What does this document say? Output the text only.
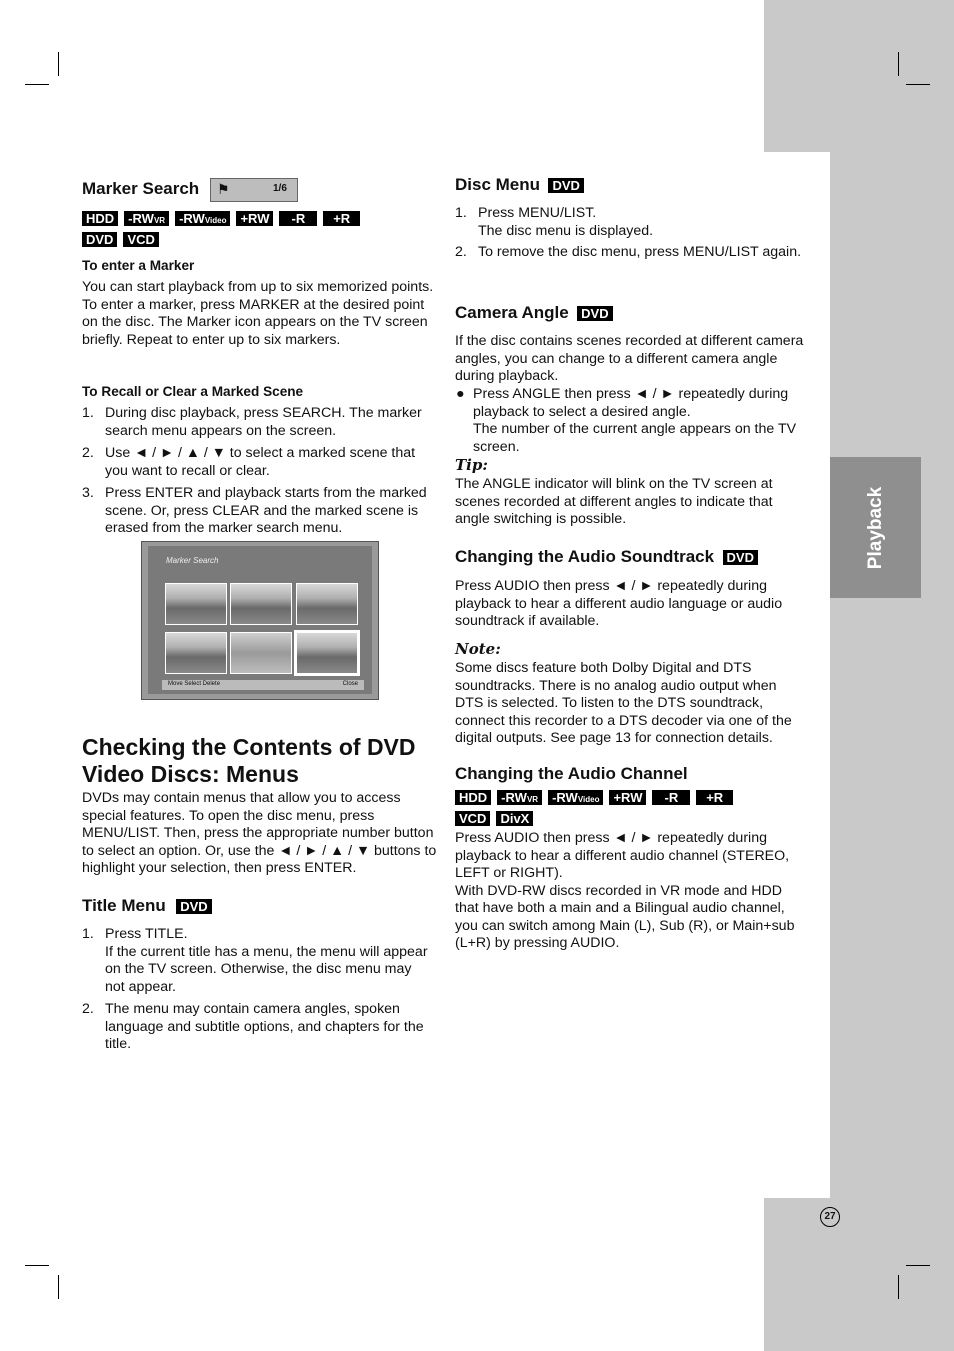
Playback
Marker Search ⚑	1/6
HDD -RWVR -RWVideo +RW -R +R
DVD VCD
To enter a Marker
You can start playback from up to six memorized points. To enter a marker, press MARKER at the desired point on the disc. The Marker icon appears on the TV screen briefly. Repeat to enter up to six markers.
To Recall or Clear a Marked Scene
1. During disc playback, press SEARCH. The marker search menu appears on the screen.
2. Use ◄ / ► / ▲ / ▼ to select a marked scene that you want to recall or clear.
3. Press ENTER and playback starts from the marked scene. Or, press CLEAR and the marked scene is erased from the marker search menu.
Marker Search
Move Select Delete	Close
Checking the Contents of DVD Video Discs: Menus
DVDs may contain menus that allow you to access special features. To open the disc menu, press MENU/LIST. Then, press the appropriate number button to select an option. Or, use the ◄ / ► / ▲ / ▼ buttons to highlight your selection, then press ENTER.
Title Menu DVD
1. Press TITLE.
If the current title has a menu, the menu will appear on the TV screen. Otherwise, the disc menu may not appear.
2. The menu may contain camera angles, spoken language and subtitle options, and chapters for the title.
Disc Menu DVD
1. Press MENU/LIST.
The disc menu is displayed.
2. To remove the disc menu, press MENU/LIST again.
Camera Angle DVD
If the disc contains scenes recorded at different camera angles, you can change to a different camera angle during playback.
● Press ANGLE then press ◄ / ► repeatedly during playback to select a desired angle.
The number of the current angle appears on the TV screen.
Tip:
The ANGLE indicator will blink on the TV screen at scenes recorded at different angles to indicate that angle switching is possible.
Changing the Audio Soundtrack DVD
Press AUDIO then press ◄ / ► repeatedly during playback to hear a different audio language or audio soundtrack if available.
Note:
Some discs feature both Dolby Digital and DTS soundtracks. There is no analog audio output when DTS is selected. To listen to the DTS soundtrack, connect this recorder to a DTS decoder via one of the digital outputs. See page 13 for connection details.
Changing the Audio Channel
HDD -RWVR -RWVideo +RW -R +R
VCD DivX
Press AUDIO then press ◄ / ► repeatedly during playback to hear a different audio channel (STEREO, LEFT or RIGHT).
With DVD-RW discs recorded in VR mode and HDD that have both a main and a Bilingual audio channel, you can switch among Main (L), Sub (R), or Main+sub (L+R) by pressing AUDIO.
27
